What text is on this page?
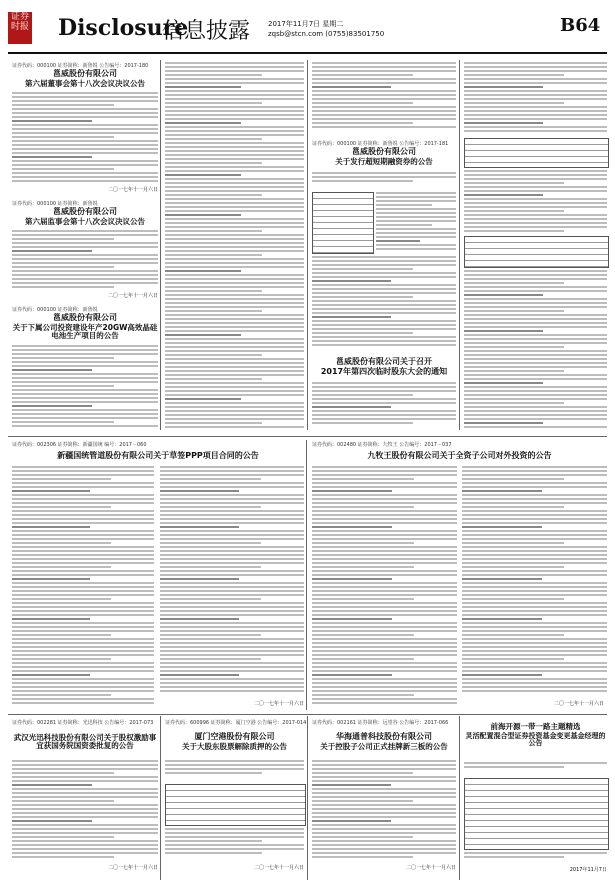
证券时报 Disclosure
信息披露	2017年11月7日 星期二
zqsb@stcn.com (0755)83501750	B64
证券代码：000100 证券简称：新鲁锐 公告编号：2017-180
邕威股份有限公司
第六届董事会第十八次会议决议公告
二〇一七年十一月六日
证券代码：000100 证券简称：新鲁锐
邕威股份有限公司
第六届监事会第十八次会议决议公告
二〇一七年十一月六日
证券代码：000100 证券简称：新鲁锐
邕威股份有限公司
关于下属公司投资建设年产20GW高效晶硅电池生产项目的公告
证券代码：000100 证券简称：新鲁锐 公告编号：2017-181
邕威股份有限公司
关于发行超短期融资券的公告
邕威股份有限公司关于召开
2017年第四次临时股东大会的通知
证券代码：002306 证券简称：新疆国统 编号：2017－060
新疆国统管道股份有限公司关于草签PPP项目合同的公告
二〇一七年十一月六日
证券代码：002480 证券简称：九牧王 公告编号：2017－037
九牧王股份有限公司关于全资子公司对外投资的公告
二〇一七年十一月六日
证券代码：002281 证券简称：光迅科技 公告编号：2017-073
武汉光迅科技股份有限公司关于股权激励事宜获国务院国资委批复的公告
二〇一七年十一月六日
证券代码：600996 证券简称：厦门空港 公告编号：2017-014
厦门空港股份有限公司
关于大股东股票解除质押的公告
二〇一七年十一月六日
证券代码：002161 证券简称：远望谷 公告编号：2017-066
华海通普科技股份有限公司
关于控股子公司正式挂牌新三板的公告
二〇一七年十一月六日
前海开源一带一路主题精选
灵活配置混合型证券投资基金变更基金经理的公告
2017年11月7日
